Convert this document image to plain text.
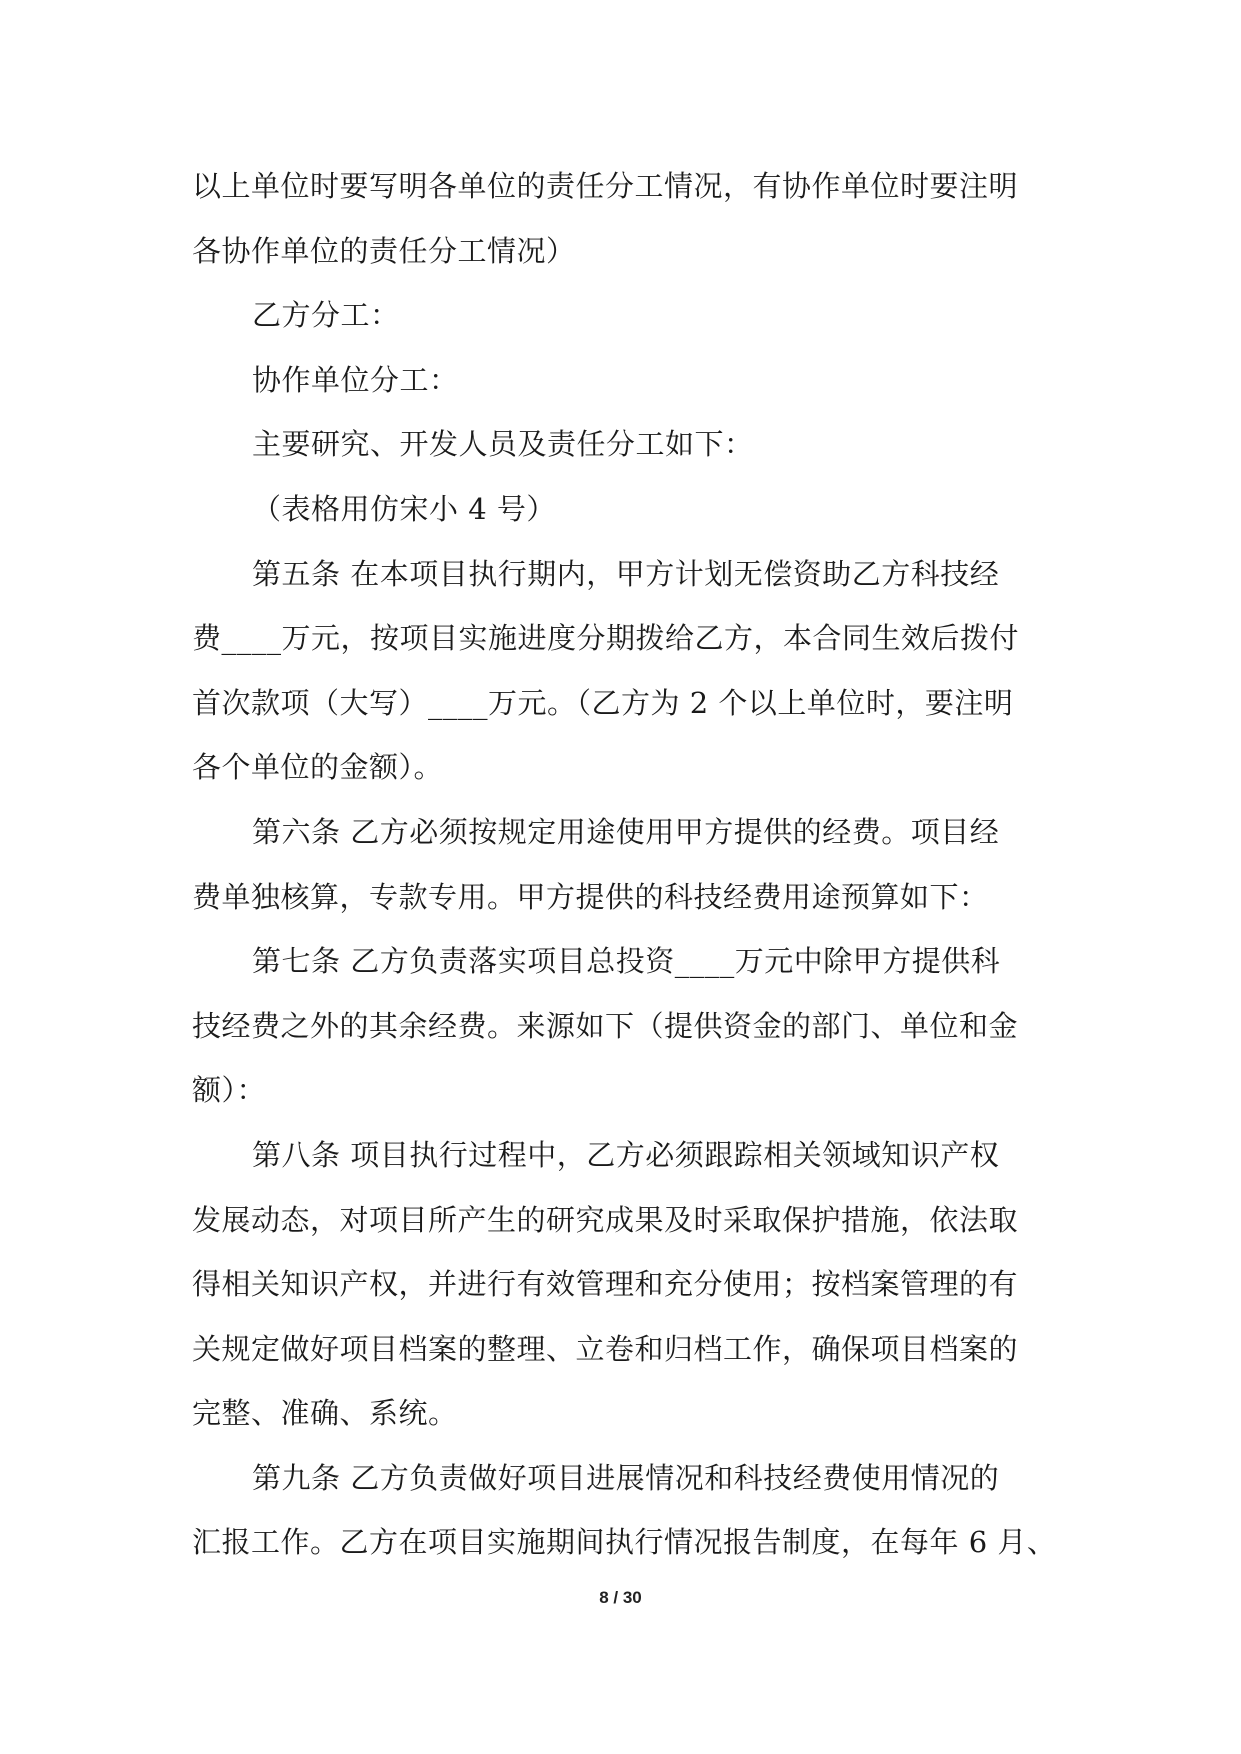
以上单位时要写明各单位的责任分工情况，有协作单位时要注明
各协作单位的责任分工情况）
乙方分工：
协作单位分工：
主要研究、开发人员及责任分工如下：
（表格用仿宋小 4 号）
第五条 在本项目执行期内，甲方计划无偿资助乙方科技经
费____万元，按项目实施进度分期拨给乙方，本合同生效后拨付
首次款项（大写）____万元。（乙方为 2 个以上单位时，要注明
各个单位的金额）。
第六条 乙方必须按规定用途使用甲方提供的经费。项目经
费单独核算，专款专用。甲方提供的科技经费用途预算如下：
第七条 乙方负责落实项目总投资____万元中除甲方提供科
技经费之外的其余经费。来源如下（提供资金的部门、单位和金
额）：
第八条 项目执行过程中，乙方必须跟踪相关领域知识产权
发展动态，对项目所产生的研究成果及时采取保护措施，依法取
得相关知识产权，并进行有效管理和充分使用；按档案管理的有
关规定做好项目档案的整理、立卷和归档工作，确保项目档案的
完整、准确、系统。
第九条 乙方负责做好项目进展情况和科技经费使用情况的
汇报工作。乙方在项目实施期间执行情况报告制度，在每年 6 月、
8 / 30
